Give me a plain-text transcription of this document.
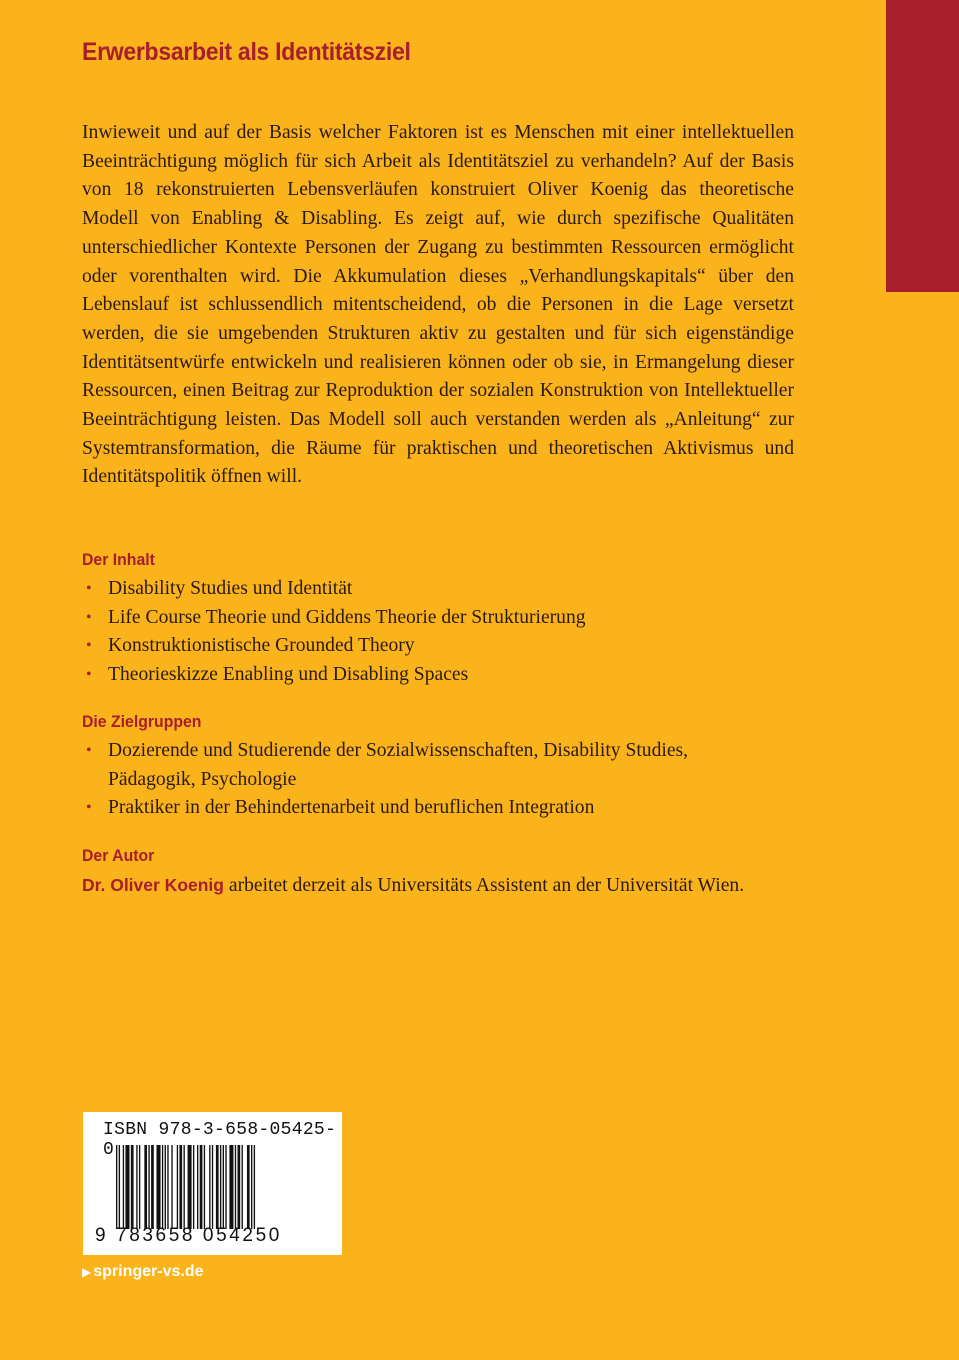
Erwerbsarbeit als Identitätsziel

Inwieweit und auf der Basis welcher Faktoren ist es Menschen mit einer intellektuellen Beeinträchtigung möglich für sich Arbeit als Identitätsziel zu verhandeln? Auf der Basis von 18 rekonstruierten Lebensverläufen konstruiert Oliver Koenig das theoretische Modell von Enabling & Disabling. Es zeigt auf, wie durch spezifische Qualitäten unterschiedlicher Kontexte Personen der Zugang zu bestimmten Ressourcen ermöglicht oder vorenthalten wird. Die Akkumulation dieses „Verhandlungskapitals“ über den Lebenslauf ist schlussendlich mitentscheidend, ob die Personen in die Lage versetzt werden, die sie umgebenden Strukturen aktiv zu gestalten und für sich eigenständige Identitätsentwürfe entwickeln und realisieren können oder ob sie, in Ermangelung dieser Ressourcen, einen Beitrag zur Reproduktion der sozialen Konstruktion von Intellektueller Beeinträchtigung leisten. Das Modell soll auch verstanden werden als „Anleitung“ zur Systemtransformation, die Räume für praktischen und theoretischen Aktivismus und Identitätspolitik öffnen will.

Der Inhalt
• Disability Studies und Identität
• Life Course Theorie und Giddens Theorie der Strukturierung
• Konstruktionistische Grounded Theory
• Theorieskizze Enabling und Disabling Spaces
Die Zielgruppen
• Dozierende und Studierende der Sozialwissenschaften, Disability Studies, Pädagogik, Psychologie
• Praktiker in der Behindertenarbeit und beruflichen Integration
Der Autor

Dr. Oliver Koenig arbeitet derzeit als Universitäts Assistent an der Universität Wien.

ISBN 978-3-658-05425-0
9 783658 054250
▶ springer-vs.de
